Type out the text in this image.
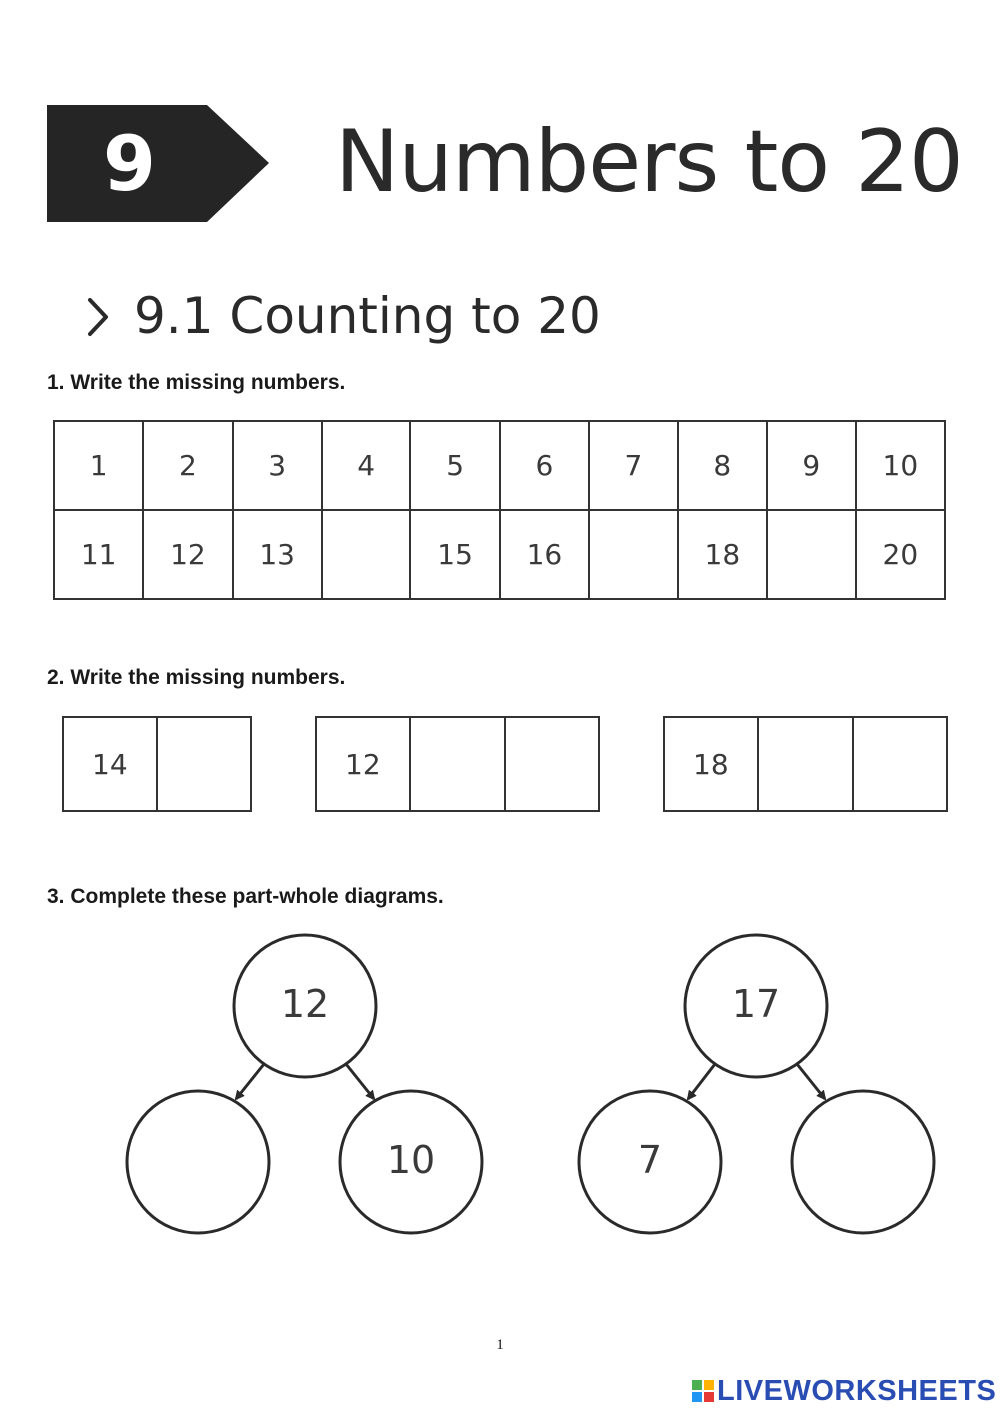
9	Numbers to 20
9.1 Counting to 20
1. Write the missing numbers.
1	2	3	4	5	6	7	8	9	10
11	12	13		15	16		18		20
2. Write the missing numbers.
14		12			18		
3. Complete these part-whole diagrams.
12
10
17
7
1
LIVEWORKSHEETS
